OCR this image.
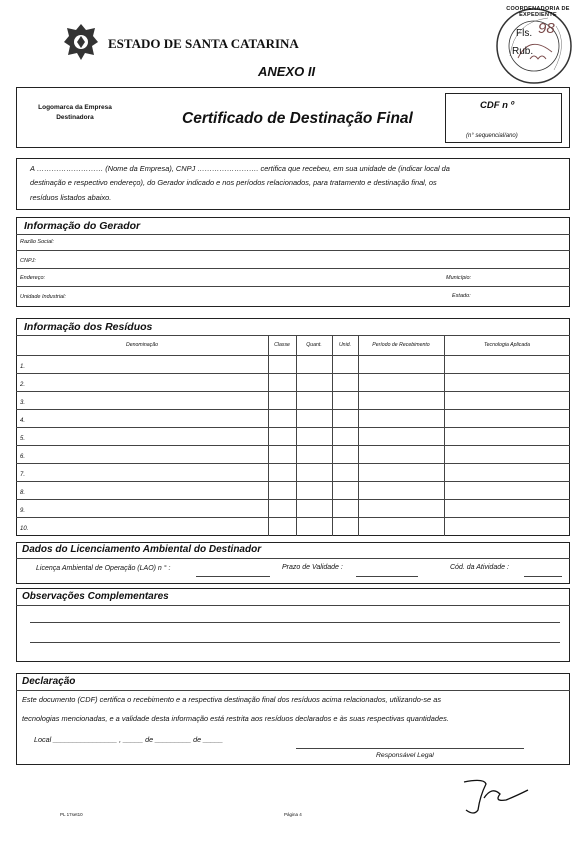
ESTADO DE SANTA CATARINA
ANEXO II
COORDENADORIA DE EXPEDIENTE
Fls. 98
Rub.
Logomarca da Empresa
Destinadora	Certificado de Destinação Final
CDF n º
(n° sequencial/ano)
A ……………………… (Nome da Empresa), CNPJ ……………………. certifica que recebeu, em sua unidade de (indicar local da
destinação e respectivo endereço), do Gerador indicado e nos períodos relacionados, para tratamento e destinação final, os
resíduos listados abaixo.
Informação do Gerador
Razão Social:
CNPJ:
Endereço:	Município:
Unidade Industrial:	Estado:
Informação dos Resíduos
Denominação	Classe	Quant.	Unid.	Período de Recebimento	Tecnologia Aplicada
1.
2.
3.
4.
5.
6.
7.
8.
9.
10.
Dados do Licenciamento Ambiental do Destinador
Licença Ambiental de Operação (LAO) n ° :	Prazo de Validade :	Cód. da Atividade :
Observações Complementares
Declaração
Este documento (CDF) certifica o recebimento e a respectiva destinação final dos resíduos acima relacionados, utilizando-se as
tecnologias mencionadas, e a validade desta informação está restrita aos resíduos declarados e às suas respectivas quantidades.
Local ________________ , _____ de _________ de _____
Responsável Legal
PL 17set10	Página 4
